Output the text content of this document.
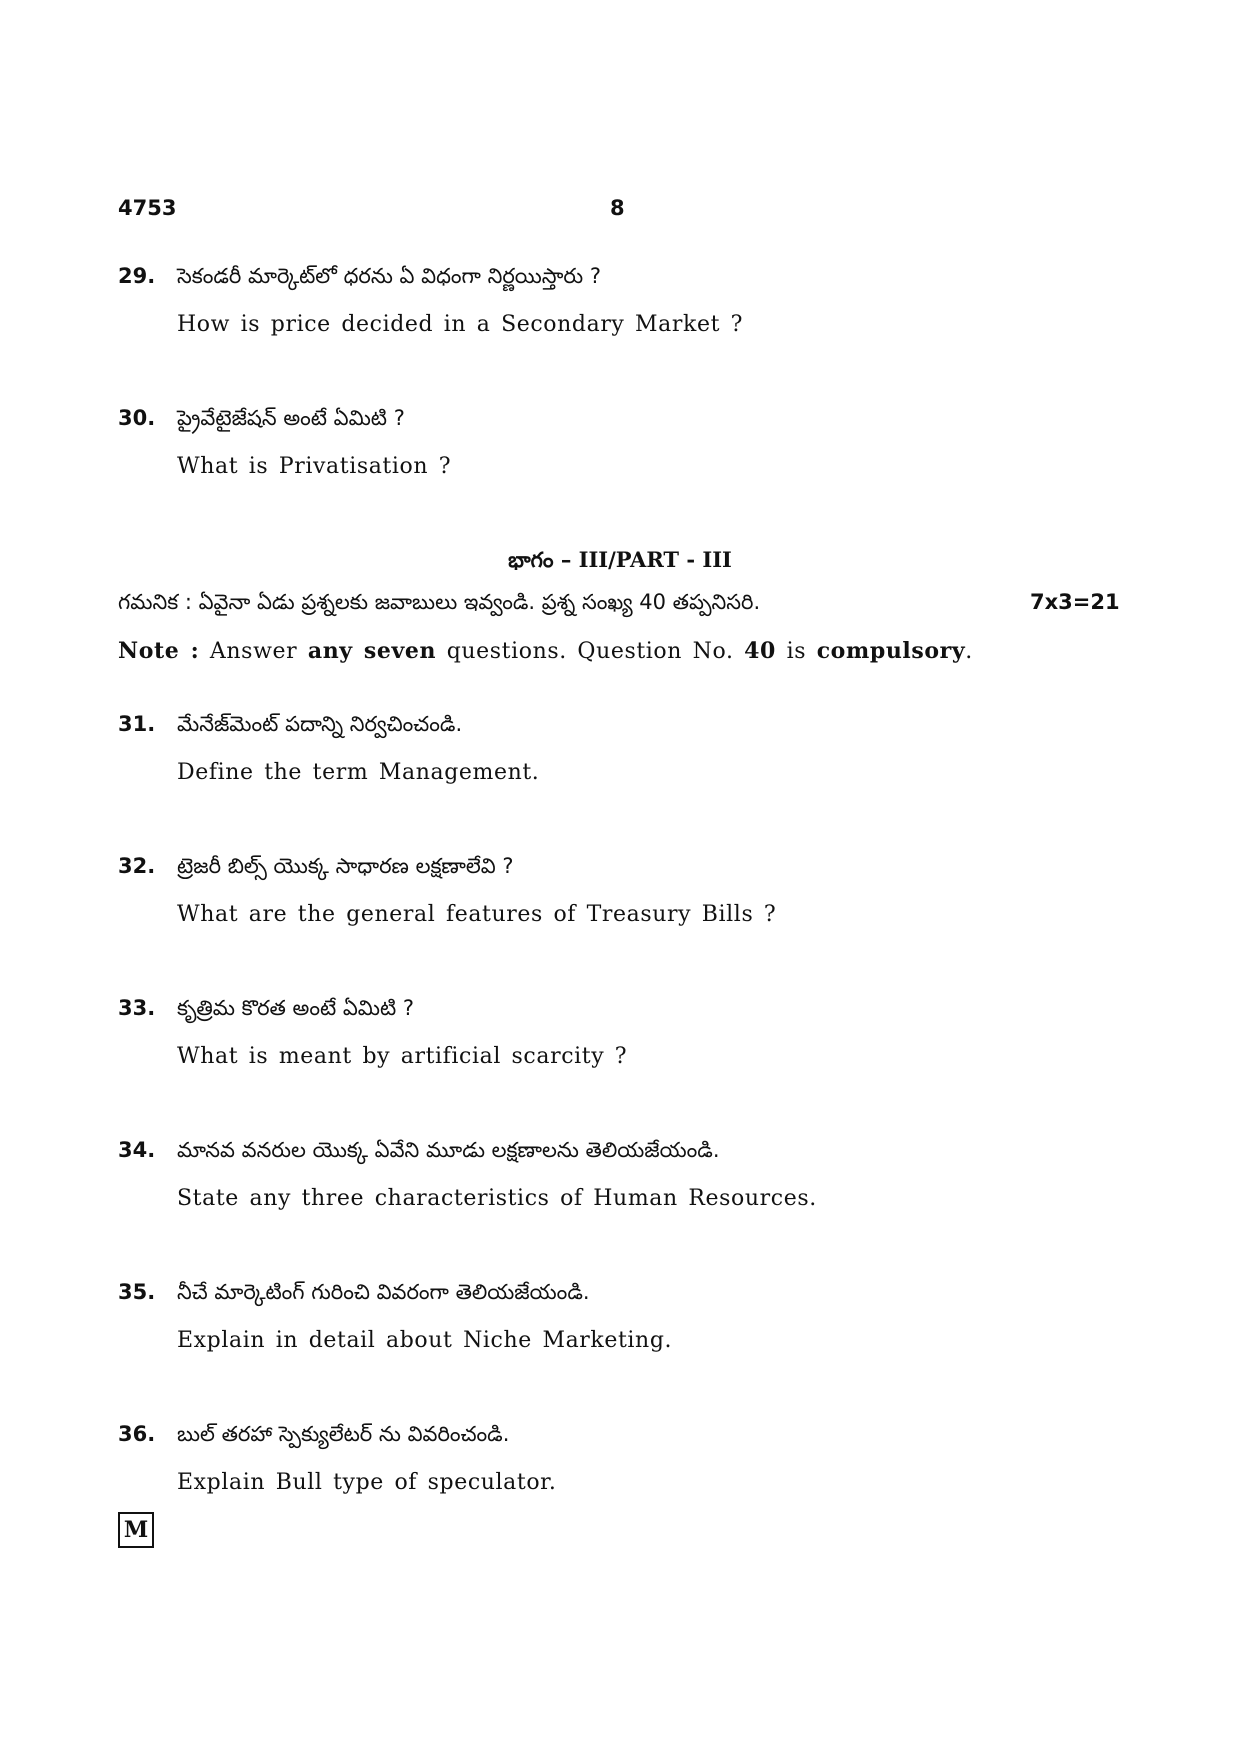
4753	8
29. సెకండరీ మార్కెట్‌లో ధరను ఏ విధంగా నిర్ణయిస్తారు ?
How is price decided in a Secondary Market ?
30. ప్రైవేటైజేషన్ అంటే ఏమిటి ?
What is Privatisation ?
భాగం – III/PART - III
గమనిక : ఏవైనా ఏడు ప్రశ్నలకు జవాబులు ఇవ్వండి. ప్రశ్న సంఖ్య 40 తప్పనిసరి.	7x3=21
Note : Answer any seven questions. Question No. 40 is compulsory.
31. మేనేజ్‌మెంట్ పదాన్ని నిర్వచించండి.
Define the term Management.
32. ట్రెజరీ బిల్స్ యొక్క సాధారణ లక్షణాలేవి ?
What are the general features of Treasury Bills ?
33. కృత్రిమ కొరత అంటే ఏమిటి ?
What is meant by artificial scarcity ?
34. మానవ వనరుల యొక్క ఏవేని మూడు లక్షణాలను తెలియజేయండి.
State any three characteristics of Human Resources.
35. నీచే మార్కెటింగ్ గురించి వివరంగా తెలియజేయండి.
Explain in detail about Niche Marketing.
36. బుల్ తరహా స్పెక్యులేటర్ ను వివరించండి.
Explain Bull type of speculator.
M
